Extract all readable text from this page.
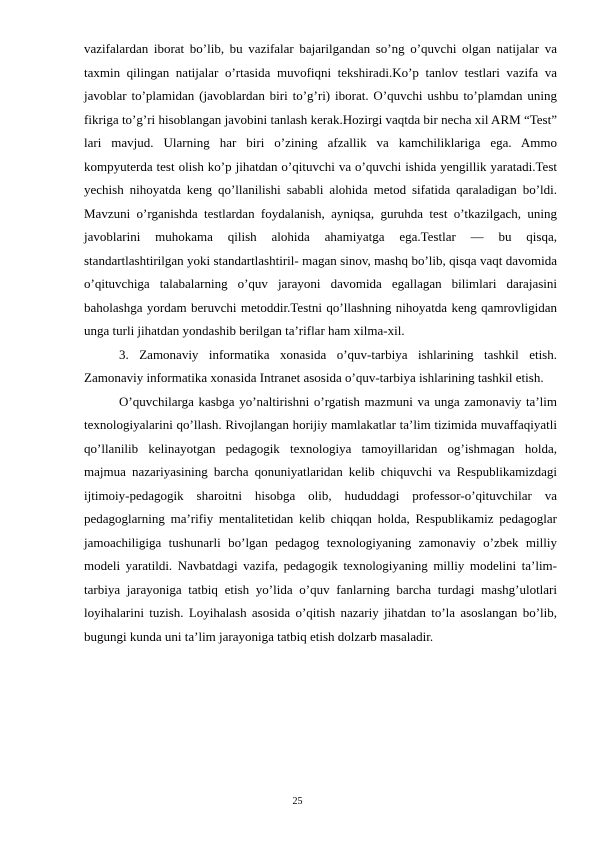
vazifalardan iborat bo’lib, bu vazifalar bajarilgandan so’ng o’quvchi olgan natijalar va taxmin qilingan natijalar o’rtasida muvofiqni tekshiradi.Ko’p tanlov testlari vazifa va javoblar to’plamidan (javoblardan biri to’g’ri) iborat. O’quvchi ushbu to’plamdan uning fikriga to’g’ri hisoblangan javobini tanlash kerak.Hozirgi vaqtda bir necha xil ARM “Test” lari mavjud. Ularning har biri o’zining afzallik va kamchiliklariga ega. Ammo kompyuterda test olish ko’p jihatdan o’qituvchi va o’quvchi ishida yengillik yaratadi.Test yechish nihoyatda keng qo’llanilishi sababli alohida metod sifatida qaraladigan bo’ldi. Mavzuni o’rganishda testlardan foydalanish, ayniqsa, guruhda test o’tkazilgach, uning javoblarini muhokama qilish alohida ahamiyatga ega.Testlar — bu qisqa, standartlashtirilgan yoki standartlashtiril- magan sinov, mashq bo’lib, qisqa vaqt davomida o’qituvchiga talabalarning o’quv jarayoni davomida egallagan bilimlari darajasini baholashga yordam beruvchi metoddir.Testni qo’llashning nihoyatda keng qamrovligidan unga turli jihatdan yondashib berilgan ta’riflar ham xilma-xil.

3. Zamonaviy informatika xonasida o’quv-tarbiya ishlarining tashkil etish. Zamonaviy informatika xonasida Intranet asosida o’quv-tarbiya ishlarining tashkil etish.

O’quvchilarga kasbga yo’naltirishni o’rgatish mazmuni va unga zamonaviy ta’lim texnologiyalarini qo’llash. Rivojlangan horijiy mamlakatlar ta’lim tizimida muvaffaqiyatli qo’llanilib kelinayotgan pedagogik texnologiya tamoyillaridan og’ishmagan holda, majmua nazariyasining barcha qonuniyatlaridan kelib chiquvchi va Respublikamizdagi ijtimoiy-pedagogik sharoitni hisobga olib, hududdagi professor-o’qituvchilar va pedagoglarning ma’rifiy mentalitetidan kelib chiqqan holda, Respublikamiz pedagoglar jamoachiligiga tushunarli bo’lgan pedagog texnologiyaning zamonaviy o’zbek milliy modeli yaratildi. Navbatdagi vazifa, pedagogik texnologiyaning milliy modelini ta’lim-tarbiya jarayoniga tatbiq etish yo’lida o’quv fanlarning barcha turdagi mashg’ulotlari loyihalarini tuzish. Loyihalash asosida o’qitish nazariy jihatdan to’la asoslangan bo’lib, bugungi kunda uni ta’lim jarayoniga tatbiq etish dolzarb masaladir.

25
